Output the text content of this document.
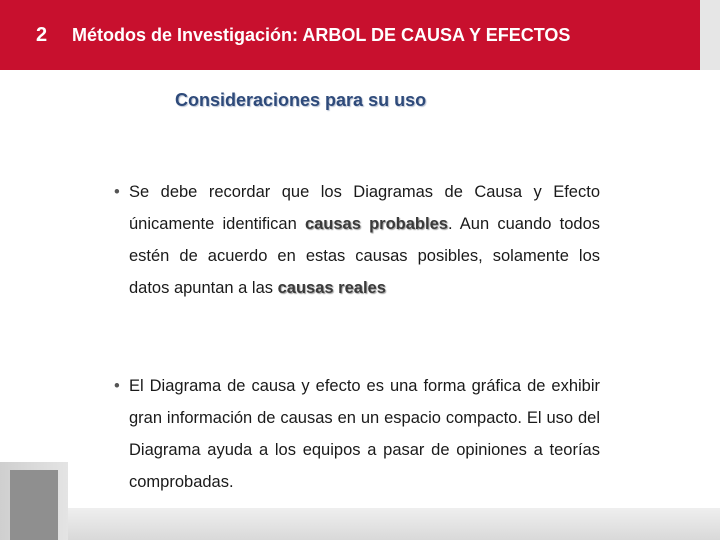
2 Métodos de Investigación: ARBOL DE CAUSA Y EFECTOS
Consideraciones para su uso
• Se debe recordar que los Diagramas de Causa y Efecto únicamente identifican causas probables. Aun cuando todos estén de acuerdo en estas causas posibles, solamente los datos apuntan a las causas reales
• El Diagrama de causa y efecto es una forma gráfica de exhibir gran información de causas en un espacio compacto. El uso del Diagrama ayuda a los equipos a pasar de opiniones a teorías comprobadas.
